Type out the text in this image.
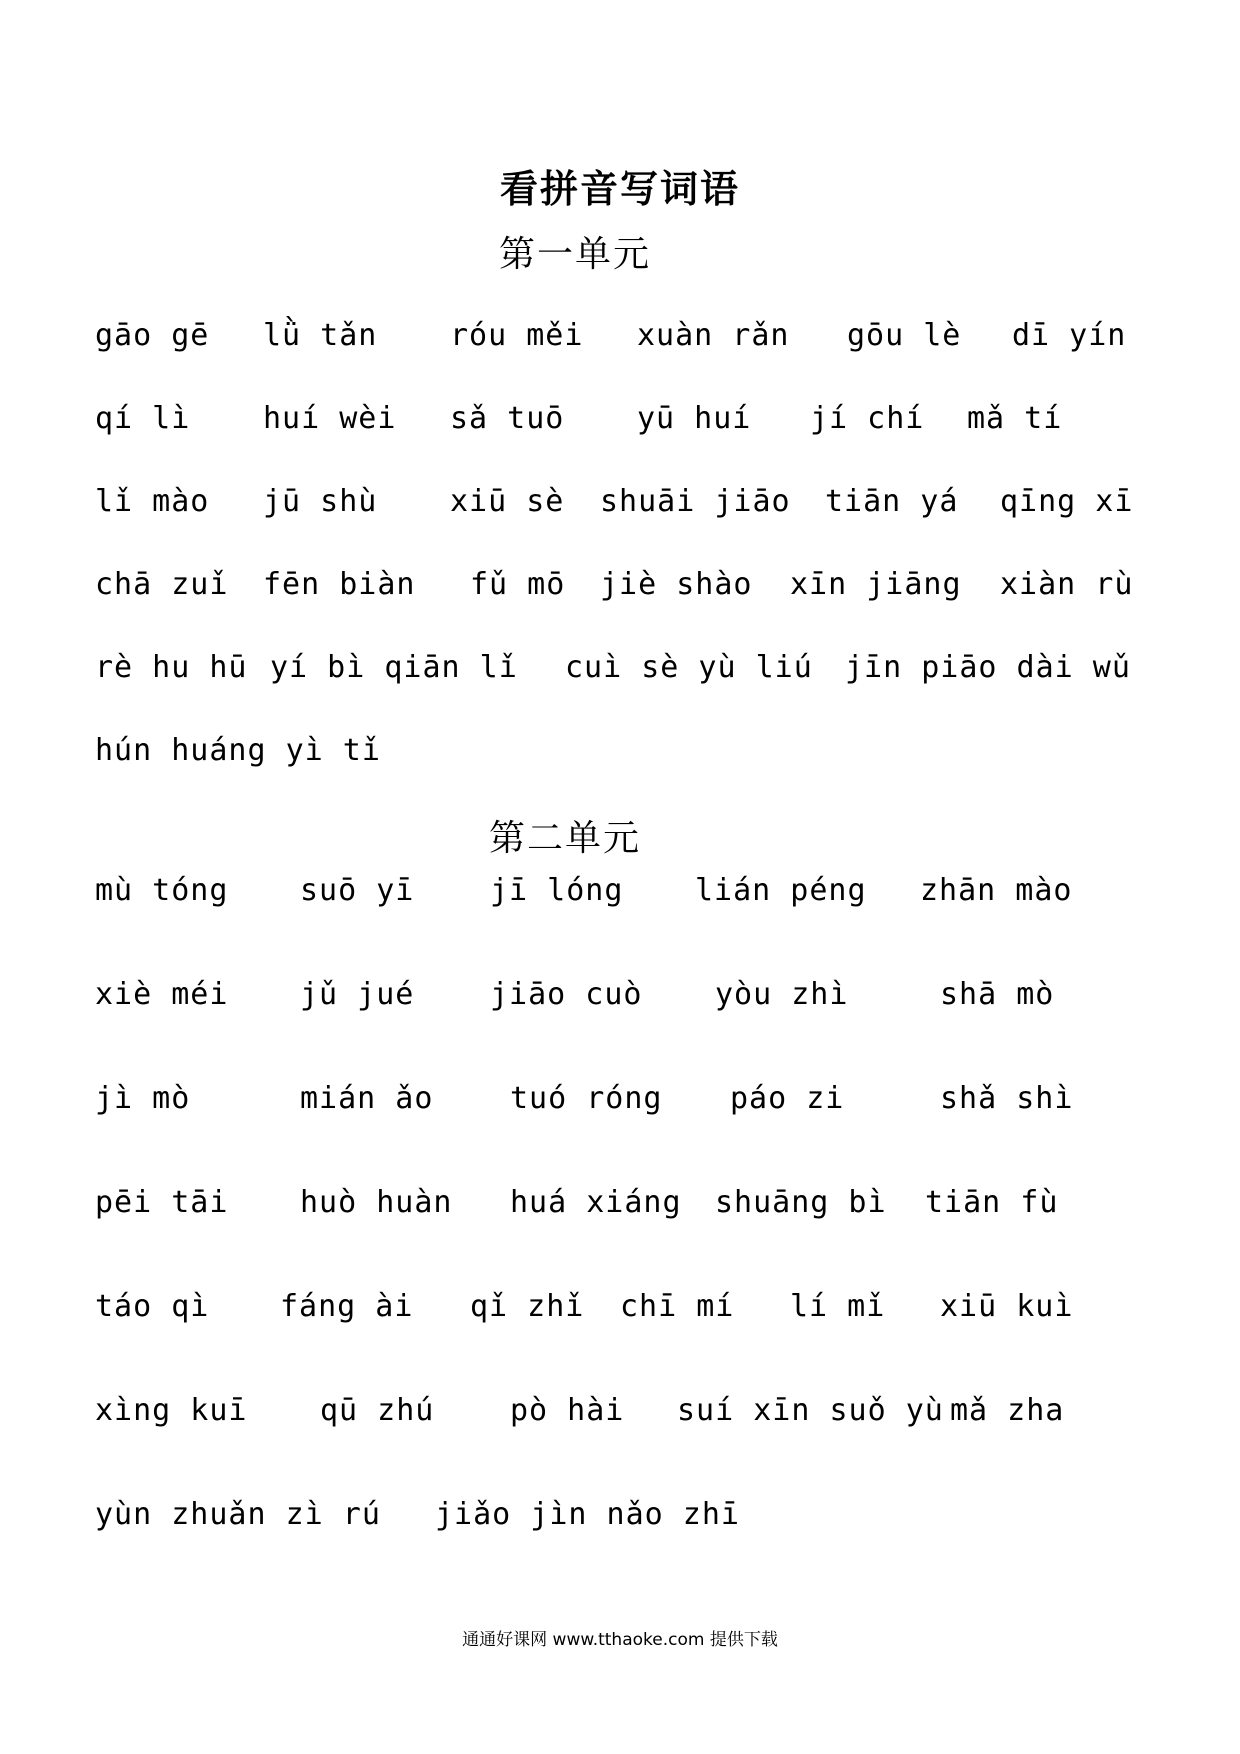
看拼音写词语
第一单元
gāo gē lǜ tǎn róu měi xuàn rǎn gōu lè dī yín
qí lì huí wèi sǎ tuō yū huí jí chí mǎ tí
lǐ mào jū shù xiū sè shuāi jiāo tiān yá qīng xī
chā zuǐ fēn biàn fǔ mō jiè shào xīn jiāng xiàn rù
rè hu hū yí bì qiān lǐ cuì sè yù liú jīn piāo dài wǔ
hún huáng yì tǐ
第二单元
mù tóng suō yī	jī lóng lián péng zhān mào
xiè méi jǔ jué	jiāo cuò yòu zhì	shā mò
jì mò	mián ǎo	tuó róng páo zi	shǎ shì
pēi tāi huò huàn huá xiáng shuāng bì tiān fù
táo qì fáng ài qǐ zhǐ chī mí lí mǐ xiū kuì
xìng kuī qū zhú	pò hài suí xīn suǒ yù mǎ zha
yùn zhuǎn zì rú jiǎo jìn nǎo zhī
通通好课网 www.tthaoke.com 提供下载
